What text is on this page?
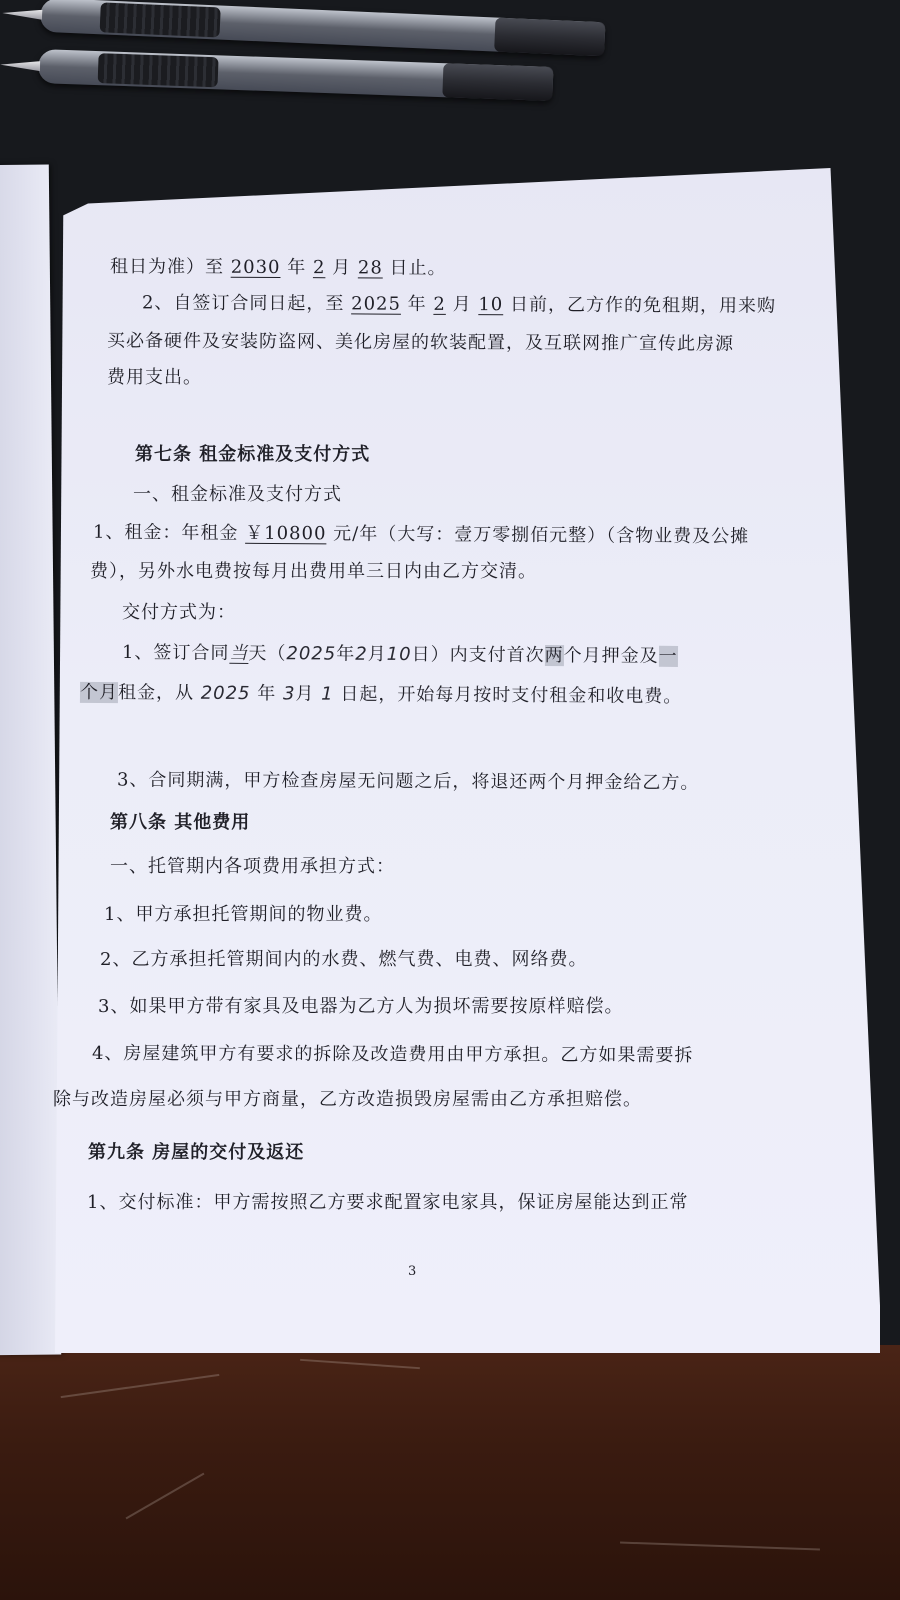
租日为准）至 2030 年 2 月 28 日止。
2、自签订合同日起，至 2025 年 2 月 10 日前，乙方作的免租期，用来购
买必备硬件及安装防盗网、美化房屋的软装配置，及互联网推广宣传此房源
费用支出。
第七条 租金标准及支付方式
一、租金标准及支付方式
1、租金：年租金 ￥10800 元/年（大写：壹万零捌佰元整）（含物业费及公摊
费），另外水电费按每月出费用单三日内由乙方交清。
交付方式为：
1、签订合同当天（2025年2月10日）内支付首次两个月押金及一
个月租金，从 2025 年 3月 1 日起，开始每月按时支付租金和收电费。
3、合同期满，甲方检查房屋无问题之后，将退还两个月押金给乙方。
第八条 其他费用
一、托管期内各项费用承担方式：
1、甲方承担托管期间的物业费。
2、乙方承担托管期间内的水费、燃气费、电费、网络费。
3、如果甲方带有家具及电器为乙方人为损坏需要按原样赔偿。
4、房屋建筑甲方有要求的拆除及改造费用由甲方承担。乙方如果需要拆
除与改造房屋必须与甲方商量，乙方改造损毁房屋需由乙方承担赔偿。
第九条 房屋的交付及返还
1、交付标准：甲方需按照乙方要求配置家电家具，保证房屋能达到正常
3
